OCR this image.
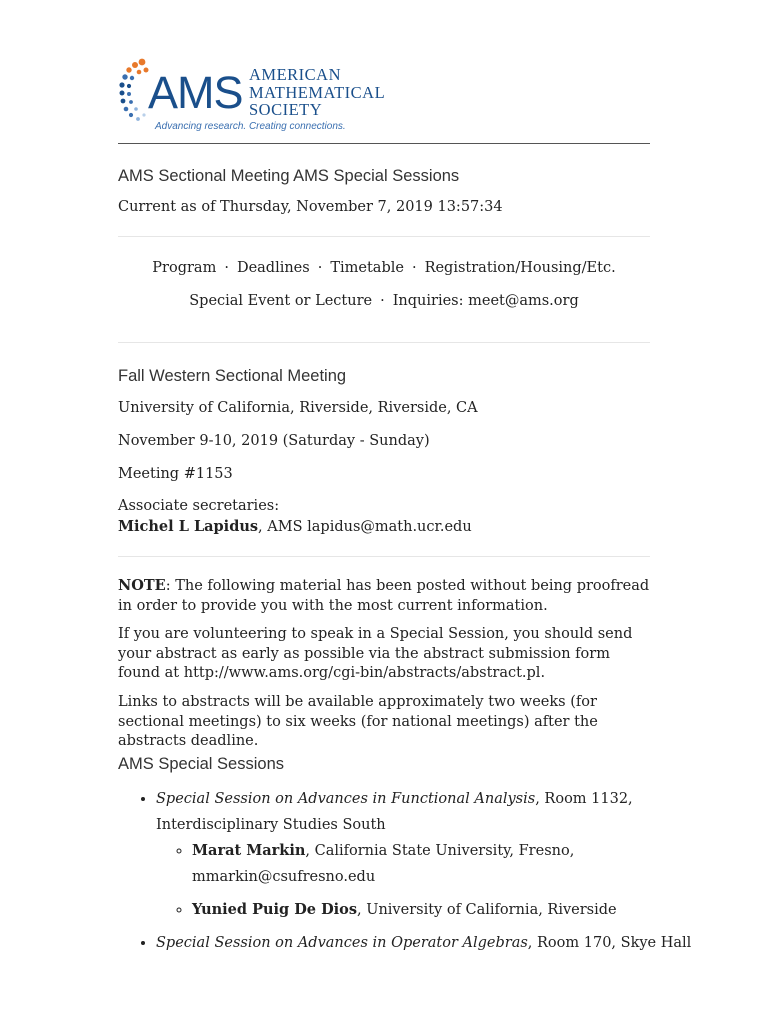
AMS AMERICAN
MATHEMATICAL
SOCIETY
Advancing research. Creating connections.
AMS Sectional Meeting AMS Special Sessions
Current as of Thursday, November 7, 2019 13:57:34
Program · Deadlines · Timetable · Registration/Housing/Etc.
Special Event or Lecture · Inquiries: meet@ams.org
Fall Western Sectional Meeting
University of California, Riverside, Riverside, CA
November 9-10, 2019 (Saturday - Sunday)
Meeting #1153
Associate secretaries:
Michel L Lapidus, AMS lapidus@math.ucr.edu
NOTE: The following material has been posted without being proofread in order to provide you with the most current information.
If you are volunteering to speak in a Special Session, you should send your abstract as early as possible via the abstract submission form found at http://www.ams.org/cgi-bin/abstracts/abstract.pl.
Links to abstracts will be available approximately two weeks (for sectional meetings) to six weeks (for national meetings) after the abstracts deadline.
AMS Special Sessions
• Special Session on Advances in Functional Analysis, Room 1132, Interdisciplinary Studies South
◦ Marat Markin, California State University, Fresno, mmarkin@csufresno.edu
◦ Yunied Puig De Dios, University of California, Riverside
• Special Session on Advances in Operator Algebras, Room 170, Skye Hall
